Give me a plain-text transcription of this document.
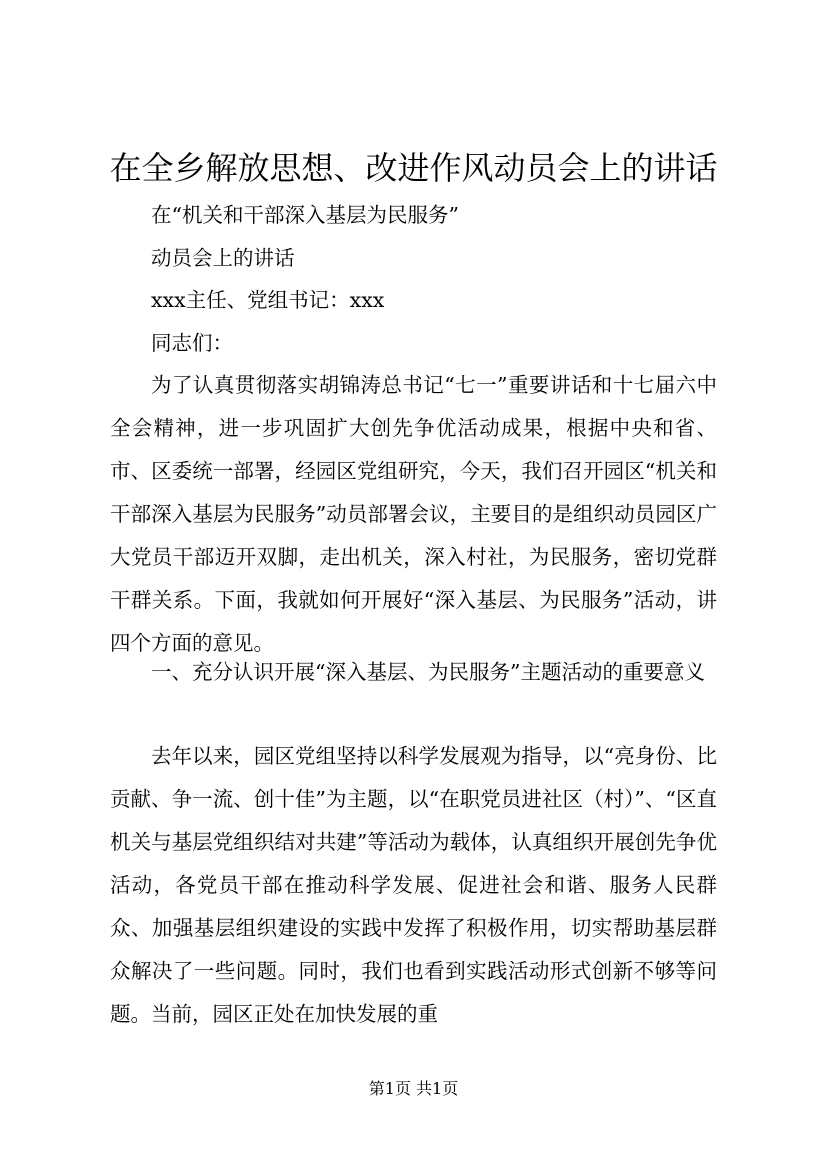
在全乡解放思想、改进作风动员会上的讲话
在“机关和干部深入基层为民服务”
动员会上的讲话
xxx主任、党组书记：xxx
同志们：
为了认真贯彻落实胡锦涛总书记“七一”重要讲话和十七届六中全会精神，进一步巩固扩大创先争优活动成果，根据中央和省、市、区委统一部署，经园区党组研究，今天，我们召开园区“机关和干部深入基层为民服务”动员部署会议，主要目的是组织动员园区广大党员干部迈开双脚，走出机关，深入村社，为民服务，密切党群干群关系。下面，我就如何开展好“深入基层、为民服务”活动，讲四个方面的意见。
一、充分认识开展“深入基层、为民服务”主题活动的重要意义
去年以来，园区党组坚持以科学发展观为指导，以“亮身份、比贡献、争一流、创十佳”为主题，以“在职党员进社区（村）”、“区直机关与基层党组织结对共建”等活动为载体，认真组织开展创先争优活动，各党员干部在推动科学发展、促进社会和谐、服务人民群众、加强基层组织建设的实践中发挥了积极作用，切实帮助基层群众解决了一些问题。同时，我们也看到实践活动形式创新不够等问题。当前，园区正处在加快发展的重
第1页 共1页
